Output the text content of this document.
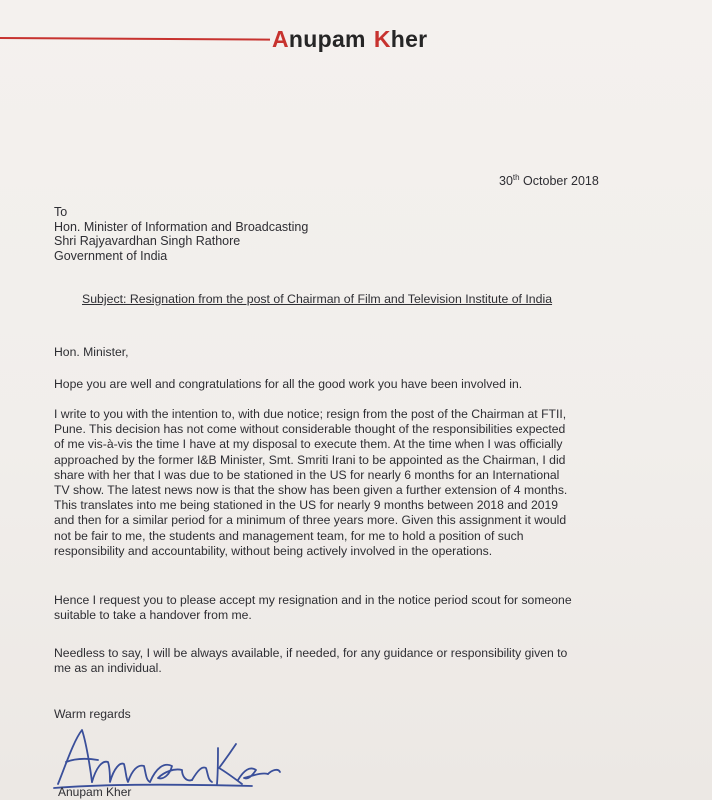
Anupam Kher
30th October 2018
To
Hon. Minister of Information and Broadcasting
Shri Rajyavardhan Singh Rathore
Government of India
Subject: Resignation from the post of Chairman of Film and Television Institute of India
Hon. Minister,
Hope you are well and congratulations for all the good work you have been involved in.
I write to you with the intention to, with due notice; resign from the post of the Chairman at FTII,
Pune. This decision has not come without considerable thought of the responsibilities expected
of me vis-à-vis the time I have at my disposal to execute them. At the time when I was officially
approached by the former I&B Minister, Smt. Smriti Irani to be appointed as the Chairman, I did
share with her that I was due to be stationed in the US for nearly 6 months for an International
TV show. The latest news now is that the show has been given a further extension of 4 months.
This translates into me being stationed in the US for nearly 9 months between 2018 and 2019
and then for a similar period for a minimum of three years more. Given this assignment it would
not be fair to me, the students and management team, for me to hold a position of such
responsibility and accountability, without being actively involved in the operations.
Hence I request you to please accept my resignation and in the notice period scout for someone
suitable to take a handover from me.
Needless to say, I will be always available, if needed, for any guidance or responsibility given to
me as an individual.
Warm regards
Anupam Kher
